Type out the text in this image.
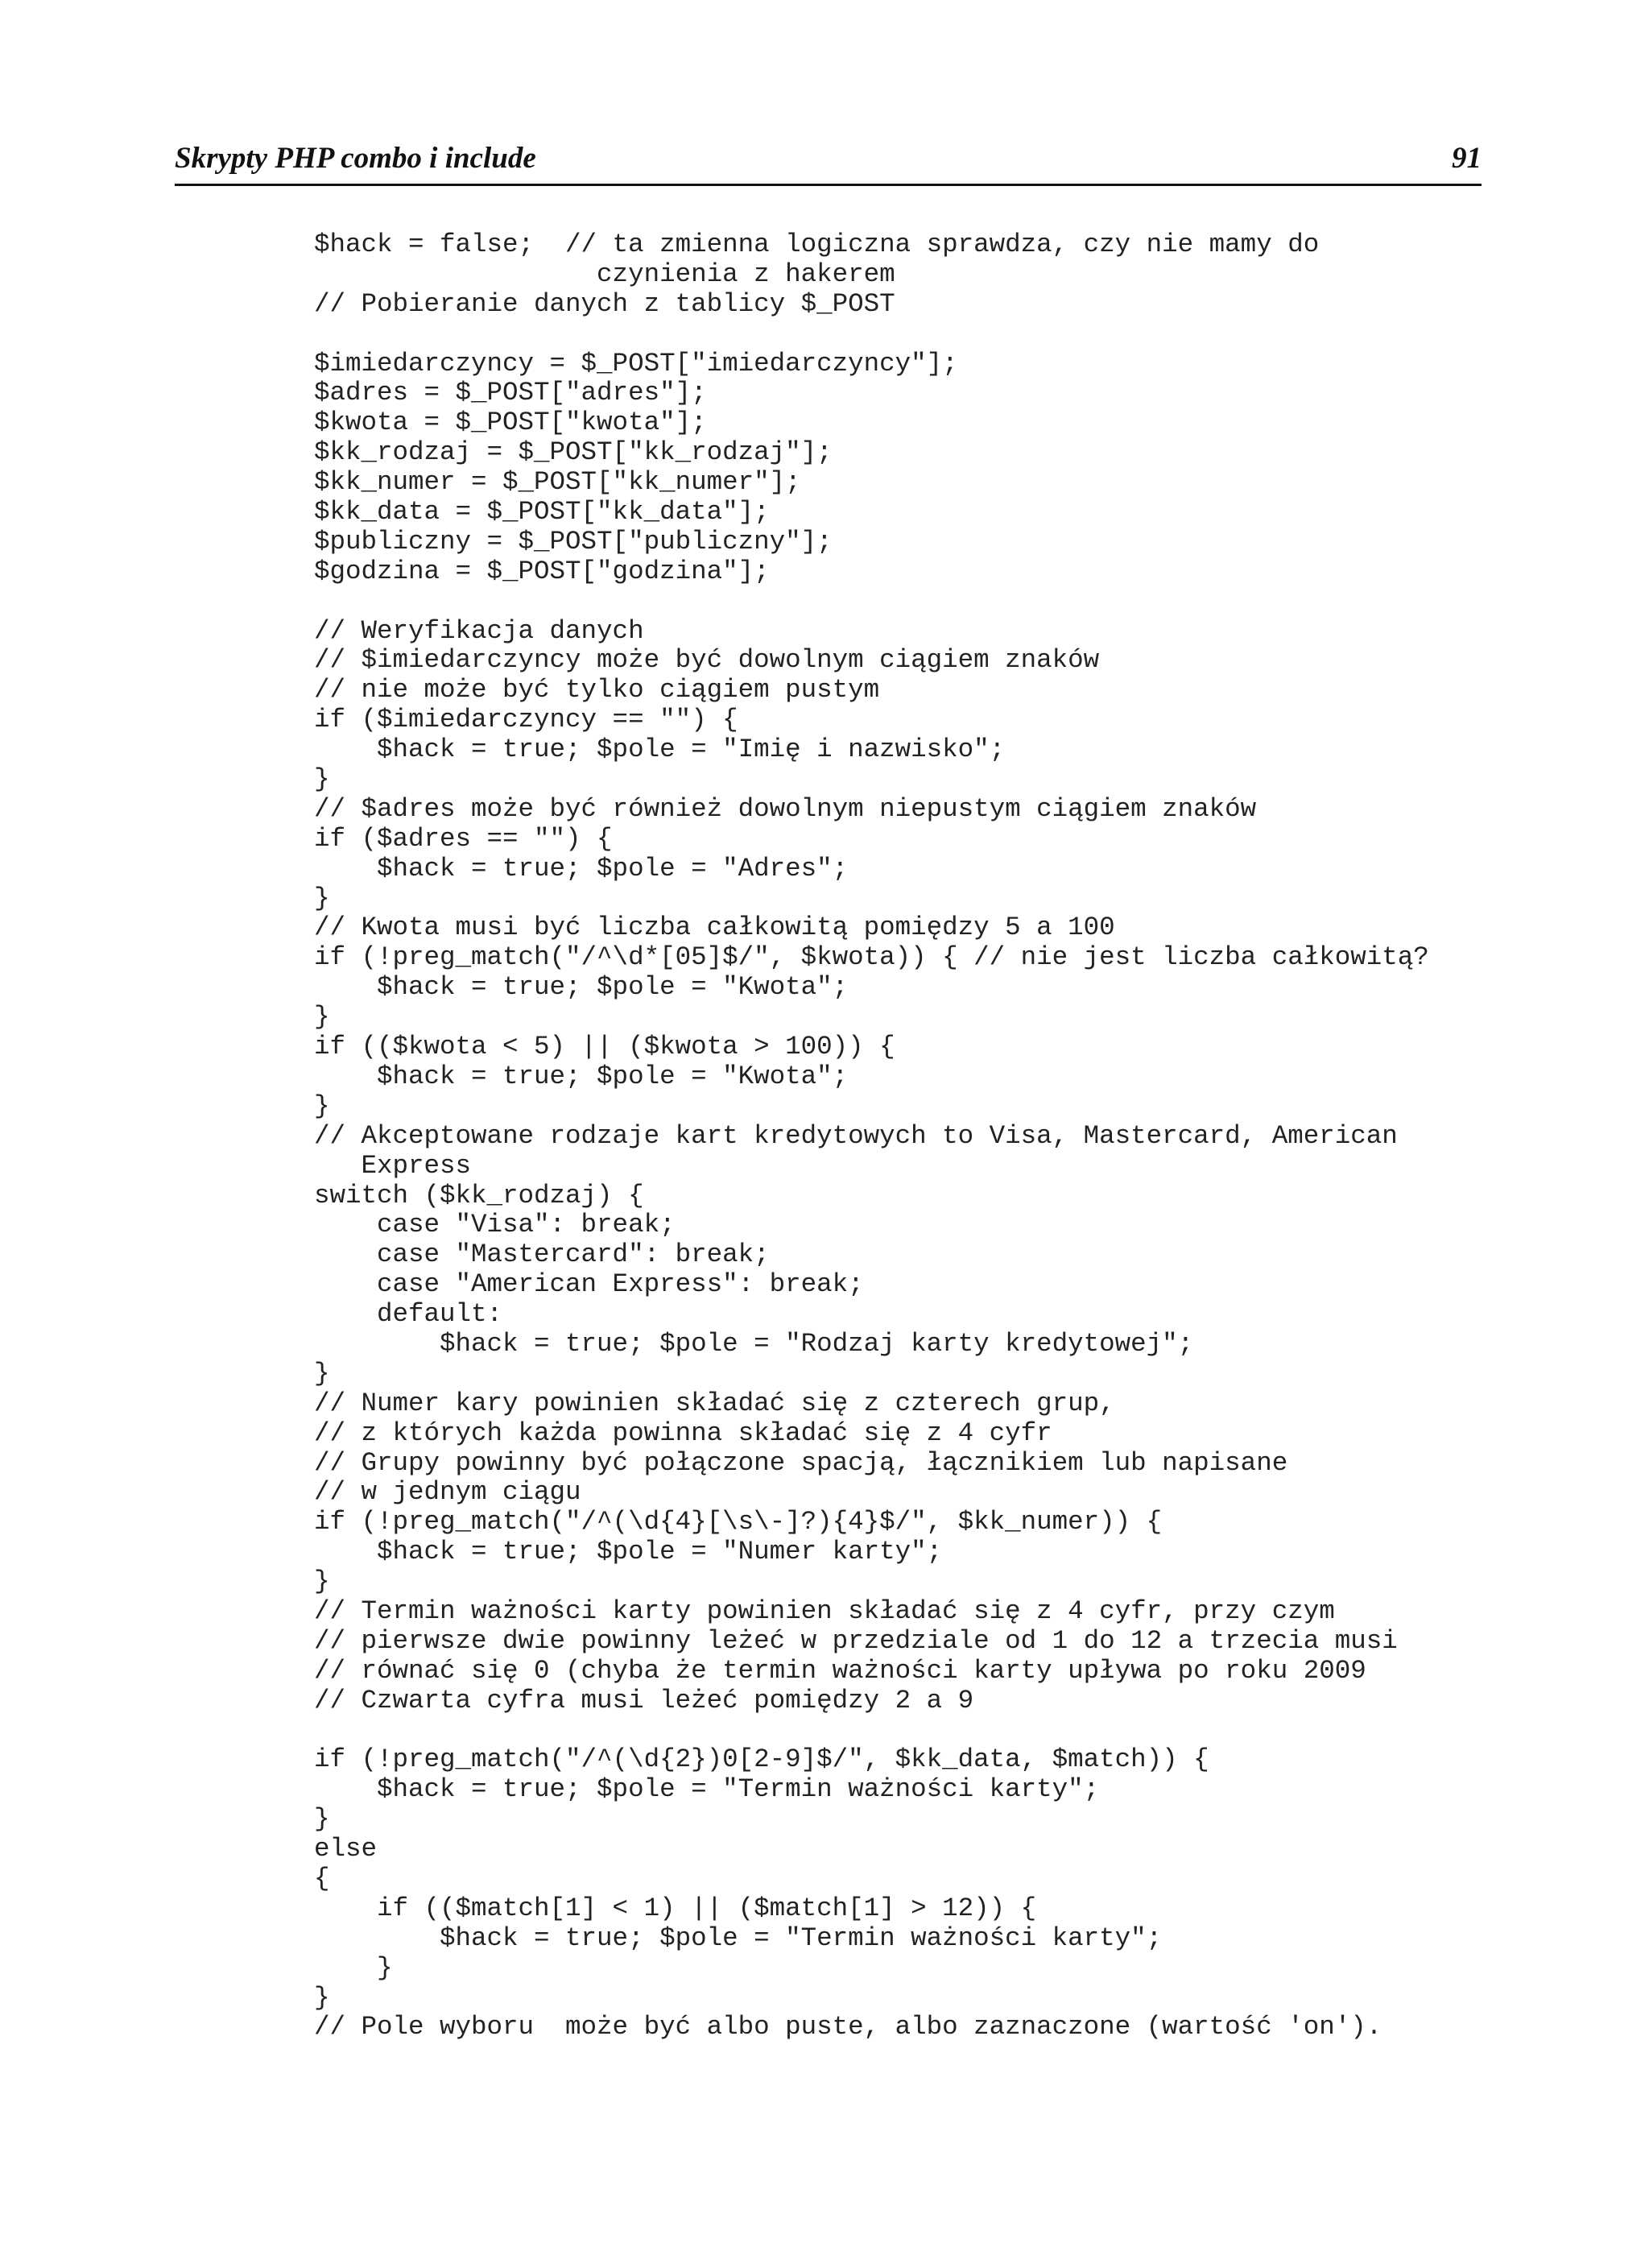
Skrypty PHP combo i include	91
$hack = false;  // ta zmienna logiczna sprawdza, czy nie mamy do
czynienia z hakerem
// Pobieranie danych z tablicy $_POST
$imiedarczyncy = $_POST["imiedarczyncy"];
$adres = $_POST["adres"];
$kwota = $_POST["kwota"];
$kk_rodzaj = $_POST["kk_rodzaj"];
$kk_numer = $_POST["kk_numer"];
$kk_data = $_POST["kk_data"];
$publiczny = $_POST["publiczny"];
$godzina = $_POST["godzina"];
// Weryfikacja danych
// $imiedarczyncy może być dowolnym ciągiem znaków
// nie może być tylko ciągiem pustym
if ($imiedarczyncy == "") {
$hack = true; $pole = "Imię i nazwisko";
}
// $adres może być również dowolnym niepustym ciągiem znaków
if ($adres == "") {
$hack = true; $pole = "Adres";
}
// Kwota musi być liczba całkowitą pomiędzy 5 a 100
if (!preg_match("/^\d*[05]$/", $kwota)) { // nie jest liczba całkowitą?
$hack = true; $pole = "Kwota";
}
if (($kwota < 5) || ($kwota > 100)) {
$hack = true; $pole = "Kwota";
}
// Akceptowane rodzaje kart kredytowych to Visa, Mastercard, American
Express
switch ($kk_rodzaj) {
case "Visa": break;
case "Mastercard": break;
case "American Express": break;
default:
$hack = true; $pole = "Rodzaj karty kredytowej";
}
// Numer kary powinien składać się z czterech grup,
// z których każda powinna składać się z 4 cyfr
// Grupy powinny być połączone spacją, łącznikiem lub napisane
// w jednym ciągu
if (!preg_match("/^(\d{4}[\s\-]?){4}$/", $kk_numer)) {
$hack = true; $pole = "Numer karty";
}
// Termin ważności karty powinien składać się z 4 cyfr, przy czym
// pierwsze dwie powinny leżeć w przedziale od 1 do 12 a trzecia musi
// równać się 0 (chyba że termin ważności karty upływa po roku 2009
// Czwarta cyfra musi leżeć pomiędzy 2 a 9
if (!preg_match("/^(\d{2})0[2-9]$/", $kk_data, $match)) {
$hack = true; $pole = "Termin ważności karty";
}
else
{
if (($match[1] < 1) || ($match[1] > 12)) {
$hack = true; $pole = "Termin ważności karty";
}
}
// Pole wyboru  może być albo puste, albo zaznaczone (wartość 'on').
